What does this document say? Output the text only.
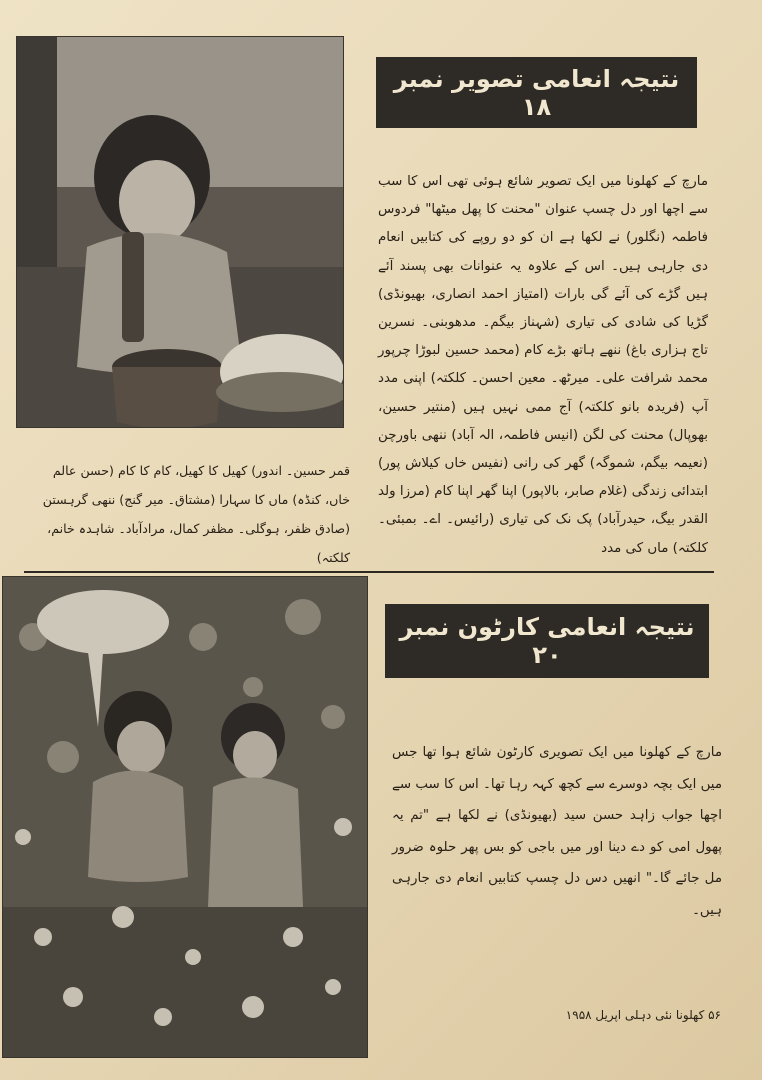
نتیجہ انعامی تصویر نمبر ۱۸

مارچ کے کھلونا میں ایک تصویر شائع ہوئی تھی اس کا سب سے اچھا اور دل چسپ عنوان "محنت کا پھل میٹھا" فردوس فاطمہ (نگلور) نے لکھا ہے ان کو دو روپے کی کتابیں انعام دی جارہی ہیں۔ اس کے علاوہ یہ عنوانات بھی پسند آئے ہیں گڑے کی آئے گی بارات (امتیاز احمد انصاری، بھیونڈی) گڑیا کی شادی کی تیاری (شہناز بیگم۔ مدھوبنی۔ نسرین تاج ہزاری باغ) ننھے ہاتھ بڑے کام (محمد حسین لبوڑا چرپور محمد شرافت علی۔ میرٹھ۔ معین احسن۔ کلکتہ) اپنی مدد آپ (فریدہ بانو کلکتہ) آج ممی نہیں ہیں (منتیر حسین، بھوپال) محنت کی لگن (انیس فاطمہ، الہ آباد) ننھی باورچن (نعیمہ بیگم، شموگہ) گھر کی رانی (نفیس خاں کیلاش پور) ابتدائی زندگی (غلام صابر، بالاپور) اپنا گھر اپنا کام (مرزا ولد القدر بیگ، حیدرآباد) پک نک کی تیاری (رائیس۔ اے۔ بمبئی۔ کلکتہ) ماں کی مدد

قمر حسین۔ اندور) کھیل کا کھیل، کام کا کام (حسن عالم خاں، کنڈہ) ماں کا سہارا (مشتاق۔ میر گنج) ننھی گرہستن (صادق ظفر، ہوگلی۔ مظفر کمال، مرادآباد۔ شاہدہ خانم، کلکتہ)

نتیجہ انعامی کارٹون نمبر ۲۰

مارچ کے کھلونا میں ایک تصویری کارٹون شائع ہوا تھا جس میں ایک بچہ دوسرے سے کچھ کہہ رہا تھا۔ اس کا سب سے اچھا جواب زاہد حسن سید (بھیونڈی) نے لکھا ہے "تم یہ پھول امی کو دے دینا اور میں باجی کو بس پھر حلوہ ضرور مل جائے گا۔" انھیں دس دل چسپ کتابیں انعام دی جارہی ہیں۔

۵۶ کھلونا نئی دہلی اپریل ۱۹۵۸
